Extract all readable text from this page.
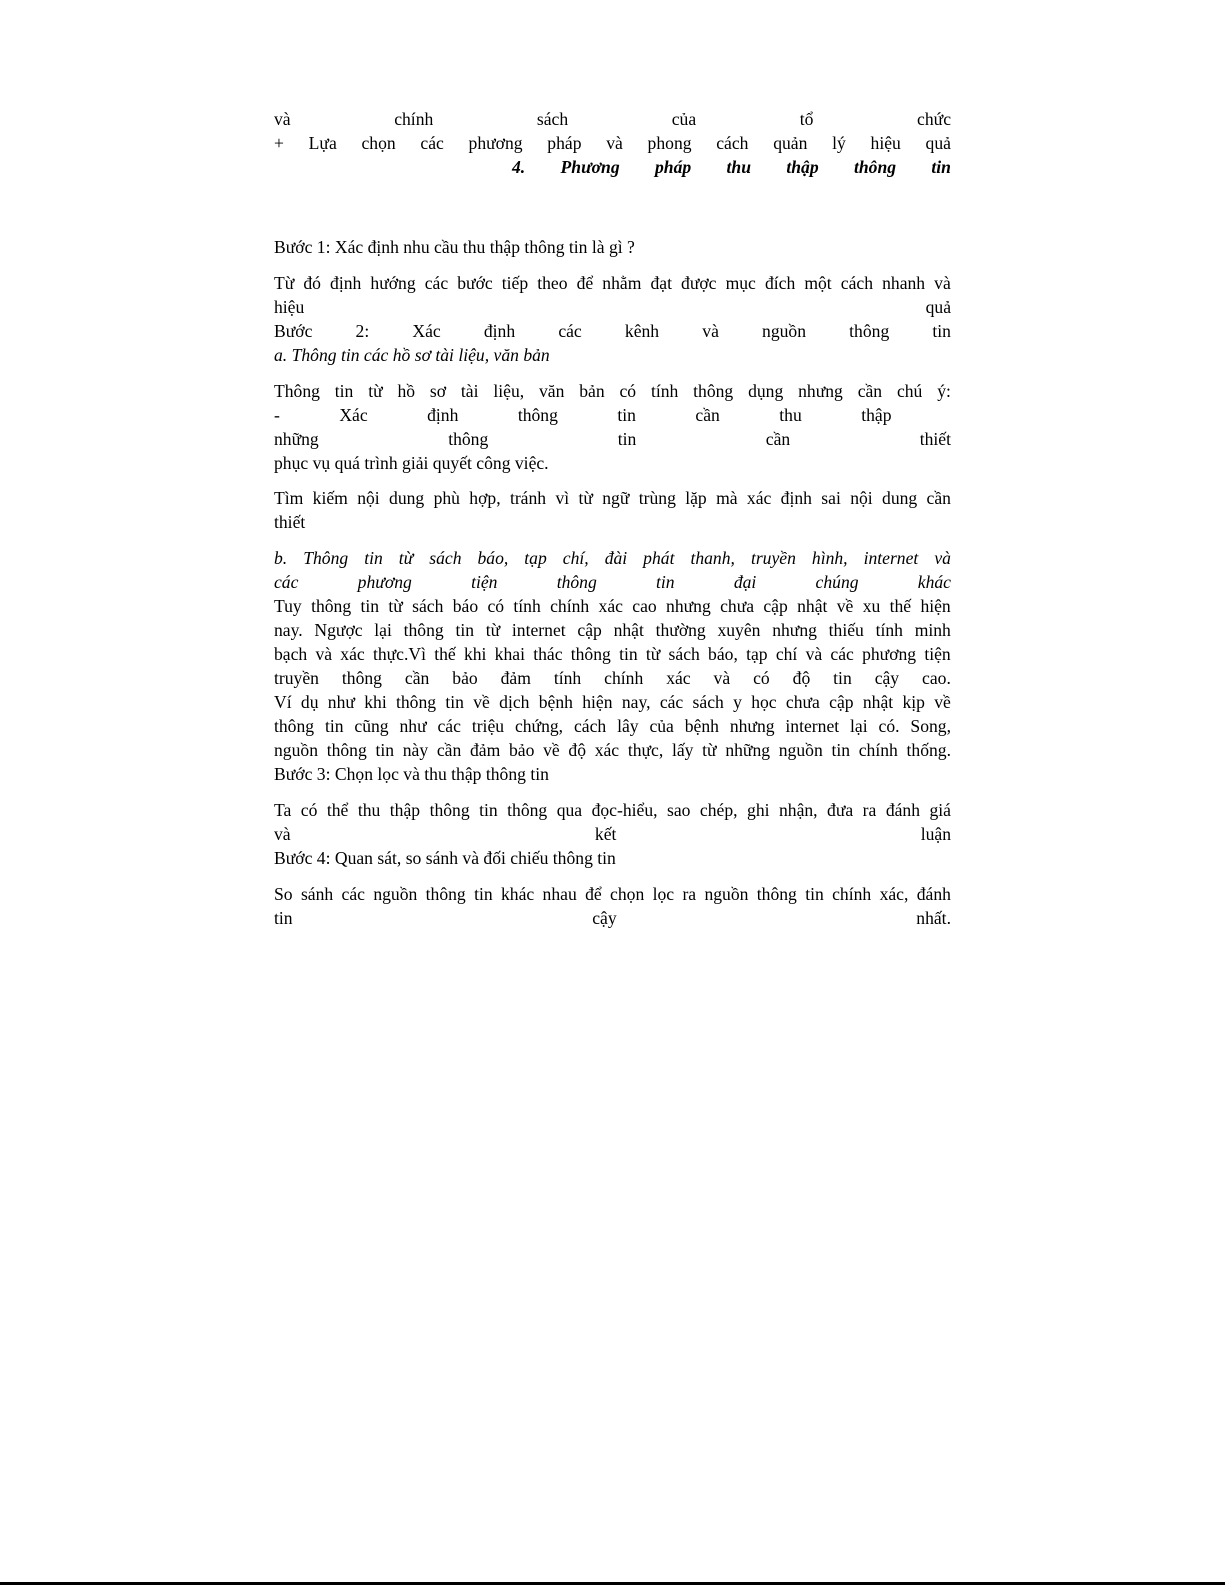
và	chính	sách	của	tổ	chức
+ Lựa chọn các phương pháp và phong cách quản lý hiệu quả
4. Phương pháp thu thập thông tin
Bước 1: Xác định nhu cầu thu thập thông tin là gì ?
Từ đó định hướng các bước tiếp theo để nhằm đạt được mục đích một cách nhanh và
hiệu	quả
Bước 2: Xác định các kênh và nguồn thông tin
a. Thông tin các hồ sơ tài liệu, văn bản
Thông tin từ hồ sơ tài liệu, văn bản có tính thông dụng nhưng cần chú ý:
-	Xác	định	thông	tin	cần	thu	thập
những	thông	tin	cần	thiết
phục vụ quá trình giải quyết công việc.
Tìm kiếm nội dung phù hợp, tránh vì từ ngữ trùng lặp mà xác định sai nội dung cần
thiết
b. Thông tin từ sách báo, tạp chí, đài phát thanh, truyền hình, internet và
các	phương	tiện	thông	tin	đại	chúng	khác
Tuy thông tin từ sách báo có tính chính xác cao nhưng chưa cập nhật về xu thế hiện
nay. Ngược lại thông tin từ internet cập nhật thường xuyên nhưng thiếu tính minh
bạch và xác thực.Vì thế khi khai thác thông tin từ sách báo, tạp chí và các phương tiện
truyền thông cần bảo đảm tính chính xác và có độ tin cậy cao.
Ví dụ như khi thông tin về dịch bệnh hiện nay, các sách y học chưa cập nhật kịp về
thông tin cũng như các triệu chứng, cách lây của bệnh nhưng internet lại có. Song,
nguồn thông tin này cần đảm bảo về độ xác thực, lấy từ những nguồn tin chính thống.
Bước 3: Chọn lọc và thu thập thông tin
Ta có thể thu thập thông tin thông qua đọc-hiểu, sao chép, ghi nhận, đưa ra đánh giá
và	kết	luận
Bước 4: Quan sát, so sánh và đối chiếu thông tin
So sánh các nguồn thông tin khác nhau để chọn lọc ra nguồn thông tin chính xác, đánh
tin	cậy	nhất.
